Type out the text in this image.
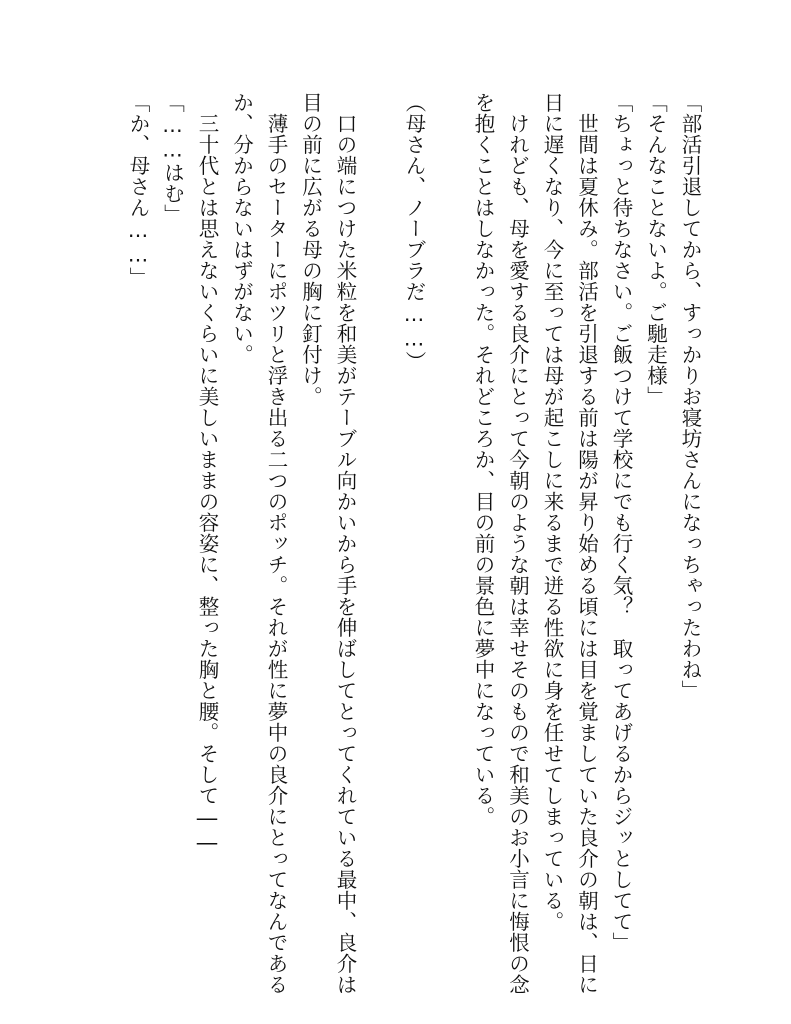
「部活引退してから、すっかりお寝坊さんになっちゃったわね」
「そんなことないよ。ご馳走様」
「ちょっと待ちなさい。ご飯つけて学校にでも行く気？　取ってあげるからジッとしてて」
　世間は夏休み。部活を引退する前は陽が昇り始める頃には目を覚ましていた良介の朝は、日に
日に遅くなり、今に至っては母が起こしに来るまで迸る性欲に身を任せてしまっている。
　けれども、母を愛する良介にとって今朝のような朝は幸せそのもので和美のお小言に悔恨の念
を抱くことはしなかった。それどころか、目の前の景色に夢中になっている。
（母さん、ノーブラだ……）
　口の端につけた米粒を和美がテーブル向かいから手を伸ばしてとってくれている最中、良介は
目の前に広がる母の胸に釘付け。
　薄手のセーターにポツリと浮き出る二つのポッチ。それが性に夢中の良介にとってなんである
か、分からないはずがない。
　三十代とは思えないくらいに美しいままの容姿に、整った胸と腰。そして――
「……はむ」
「か、母さん……」
